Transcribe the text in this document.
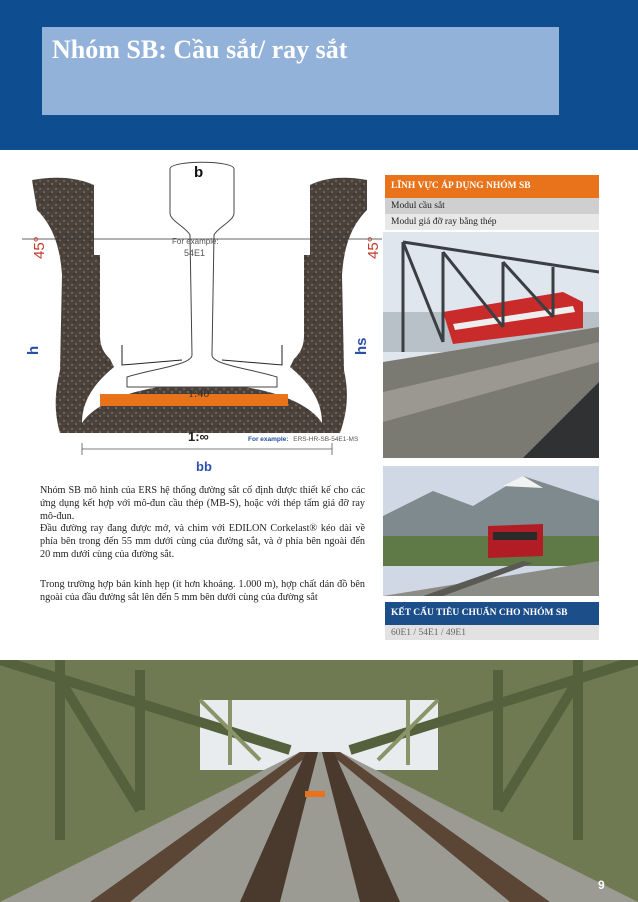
Nhóm SB: Cầu sắt/ ray sắt
b
For example:
54E1
45°	45°
h	hs
1:40
1:∞
bb
For example: ERS-HR-SB-54E1-MS

Nhóm SB mô hình của ERS hệ thống đường sắt cố định được thiết kế cho các ứng dụng kết hợp với mô-đun cầu thép (MB-S), hoặc với thép tấm giá đỡ ray mô-đun.

Đầu đường ray đang được mở, và chìm với EDILON Corkelast® kéo dài về phía bên trong đến 55 mm dưới cùng của đường sắt, và ở phía bên ngoài đến 20 mm dưới cùng của đường sắt.

Trong trường hợp bán kính hẹp (ít hơn khoảng. 1.000 m), hợp chất dán đồ bên ngoài của đầu đường sắt lên đến 5 mm bên dưới cùng của đường sắt

LĨNH VỰC ÁP DỤNG NHÓM SB
Modul cầu sắt
Modul giá đỡ ray bằng thép
KẾT CẤU TIÊU CHUẨN CHO NHÓM SB
60E1 / 54E1 / 49E1
9
